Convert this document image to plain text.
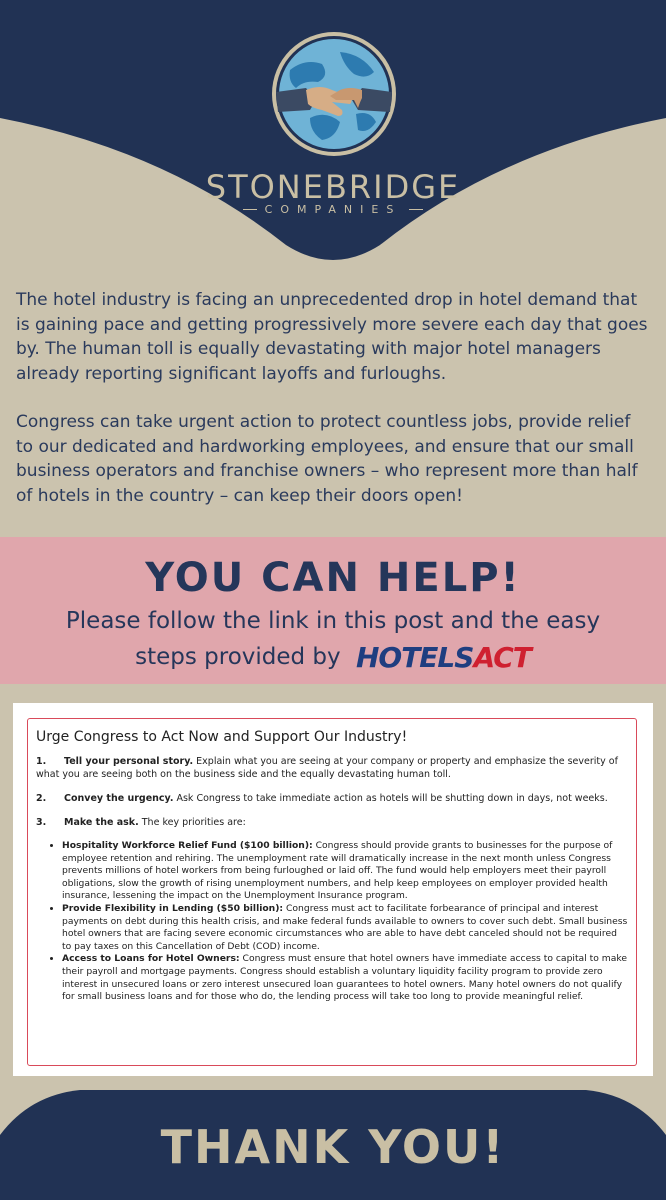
STONEBRIDGE
COMPANIES

The hotel industry is facing an unprecedented drop in hotel demand that is gaining pace and getting progressively more severe each day that goes by. The human toll is equally devastating with major hotel managers already reporting significant layoffs and furloughs.

Congress can take urgent action to protect countless jobs, provide relief to our dedicated and hardworking employees, and ensure that our small business operators and franchise owners – who represent more than half of hotels in the country – can keep their doors open!

YOU CAN HELP!
Please follow the link in this post and the easy
steps provided by HOTELSACT
Urge Congress to Act Now and Support Our Industry!
1. Tell your personal story. Explain what you are seeing at your company or property and emphasize the severity of what you are seeing both on the business side and the equally devastating human toll.
2. Convey the urgency. Ask Congress to take immediate action as hotels will be shutting down in days, not weeks.
3. Make the ask. The key priorities are:
• Hospitality Workforce Relief Fund ($100 billion): Congress should provide grants to businesses for the purpose of employee retention and rehiring. The unemployment rate will dramatically increase in the next month unless Congress prevents millions of hotel workers from being furloughed or laid off. The fund would help employers meet their payroll obligations, slow the growth of rising unemployment numbers, and help keep employees on employer provided health insurance, lessening the impact on the Unemployment Insurance program.
• Provide Flexibility in Lending ($50 billion): Congress must act to facilitate forbearance of principal and interest payments on debt during this health crisis, and make federal funds available to owners to cover such debt. Small business hotel owners that are facing severe economic circumstances who are able to have debt canceled should not be required to pay taxes on this Cancellation of Debt (COD) income.
• Access to Loans for Hotel Owners: Congress must ensure that hotel owners have immediate access to capital to make their payroll and mortgage payments. Congress should establish a voluntary liquidity facility program to provide zero interest in unsecured loans or zero interest unsecured loan guarantees to hotel owners. Many hotel owners do not qualify for small business loans and for those who do, the lending process will take too long to provide meaningful relief.
THANK YOU!
